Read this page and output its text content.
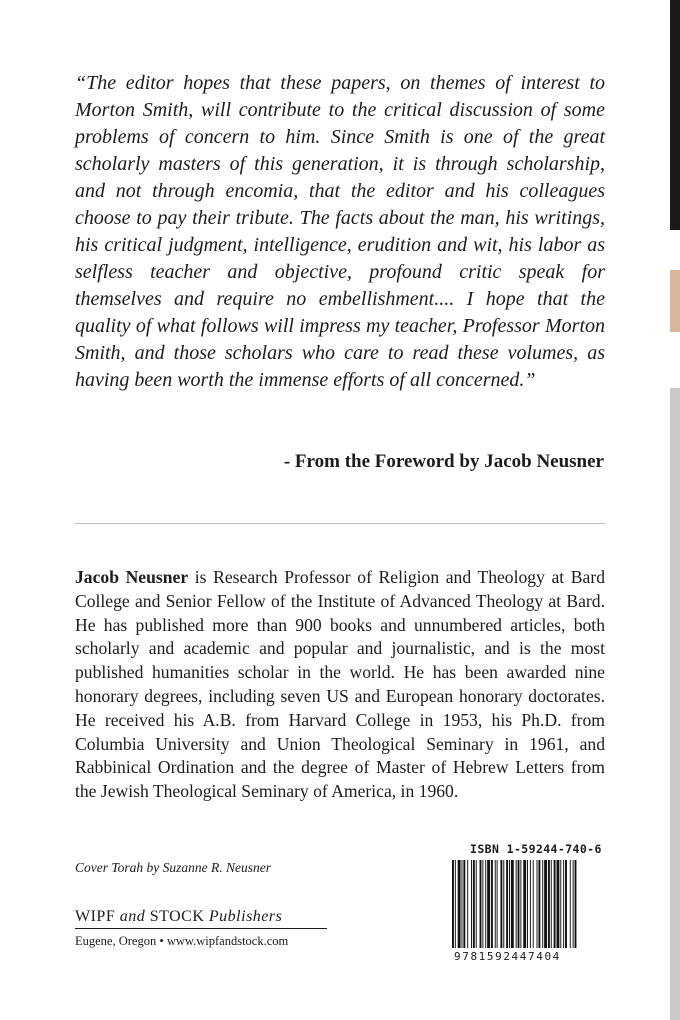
“The editor hopes that these papers, on themes of interest to Morton Smith, will contribute to the critical discussion of some problems of concern to him. Since Smith is one of the great scholarly masters of this generation, it is through scholarship, and not through encomia, that the editor and his colleagues choose to pay their tribute. The facts about the man, his writings, his critical judgment, intelligence, erudition and wit, his labor as selfless teacher and objective, profound critic speak for themselves and require no embellishment.... I hope that the quality of what follows will impress my teacher, Professor Morton Smith, and those scholars who care to read these volumes, as having been worth the immense efforts of all concerned.”

- From the Foreword by Jacob Neusner

Jacob Neusner is Research Professor of Religion and Theology at Bard College and Senior Fellow of the Institute of Advanced Theology at Bard. He has published more than 900 books and unnumbered articles, both scholarly and academic and popular and journalistic, and is the most published humanities scholar in the world. He has been awarded nine honorary degrees, including seven US and European honorary doctorates. He received his A.B. from Harvard College in 1953, his Ph.D. from Columbia University and Union Theological Seminary in 1961, and Rabbinical Ordination and the degree of Master of Hebrew Letters from the Jewish Theological Seminary of America, in 1960.

Cover Torah by Suzanne R. Neusner

WIPF and STOCK Publishers

Eugene, Oregon • www.wipfandstock.com

ISBN 1-59244-740-6

9781592447404
